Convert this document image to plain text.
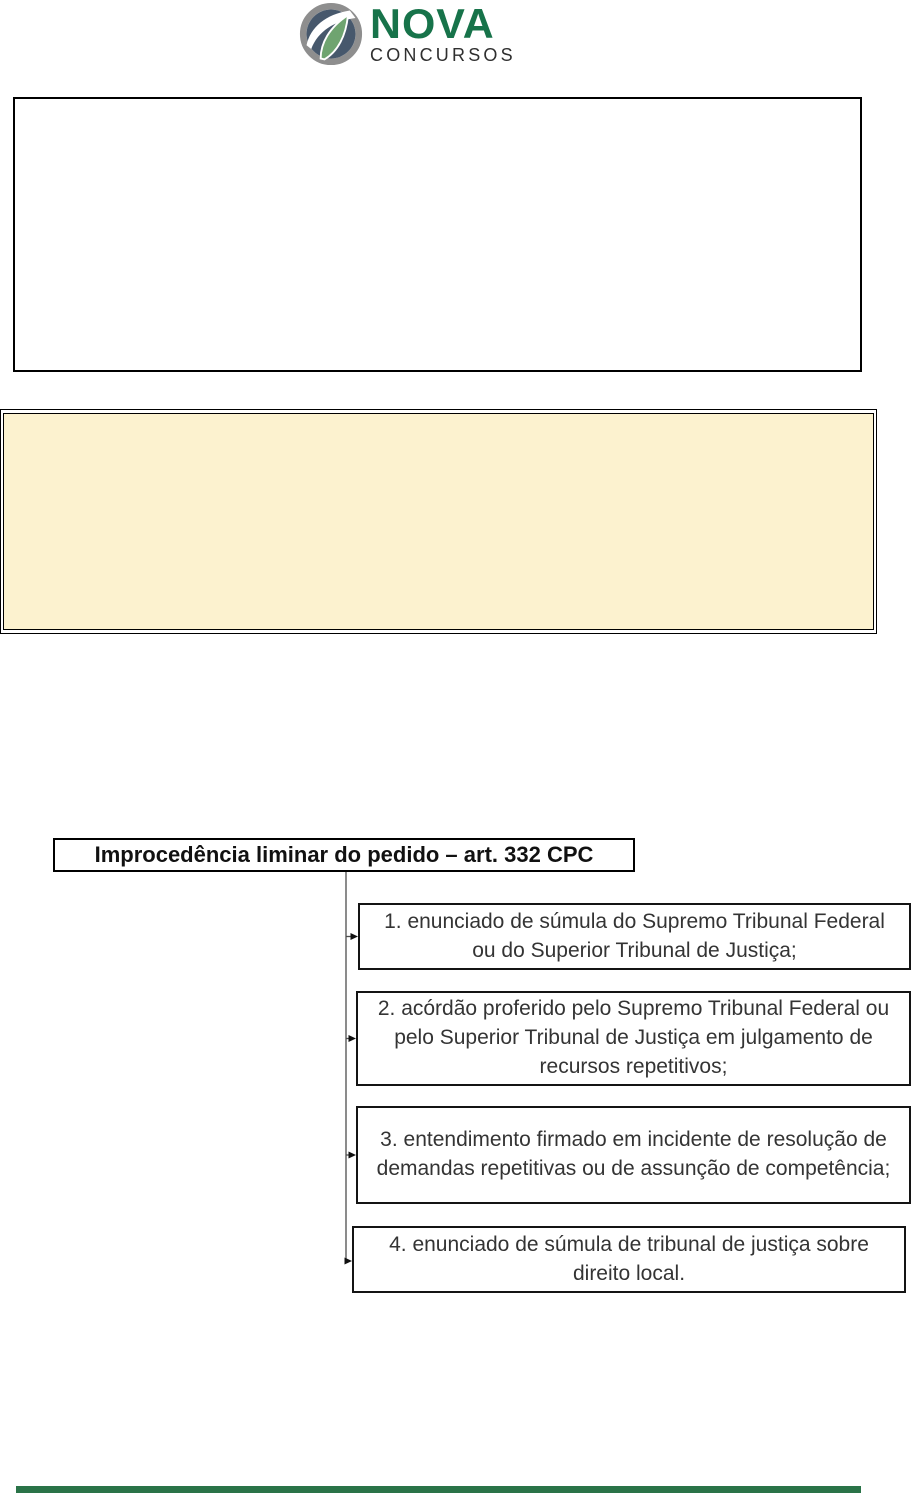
NOVA
CONCURSOS
Improcedência liminar do pedido – art. 332 CPC
1. enunciado de súmula do Supremo Tribunal Federal ou do Superior Tribunal de Justiça;
2. acórdão proferido pelo Supremo Tribunal Federal ou pelo Superior Tribunal de Justiça em julgamento de recursos repetitivos;
3. entendimento firmado em incidente de resolução de demandas repetitivas ou de assunção de competência;
4. enunciado de súmula de tribunal de justiça sobre direito local.
